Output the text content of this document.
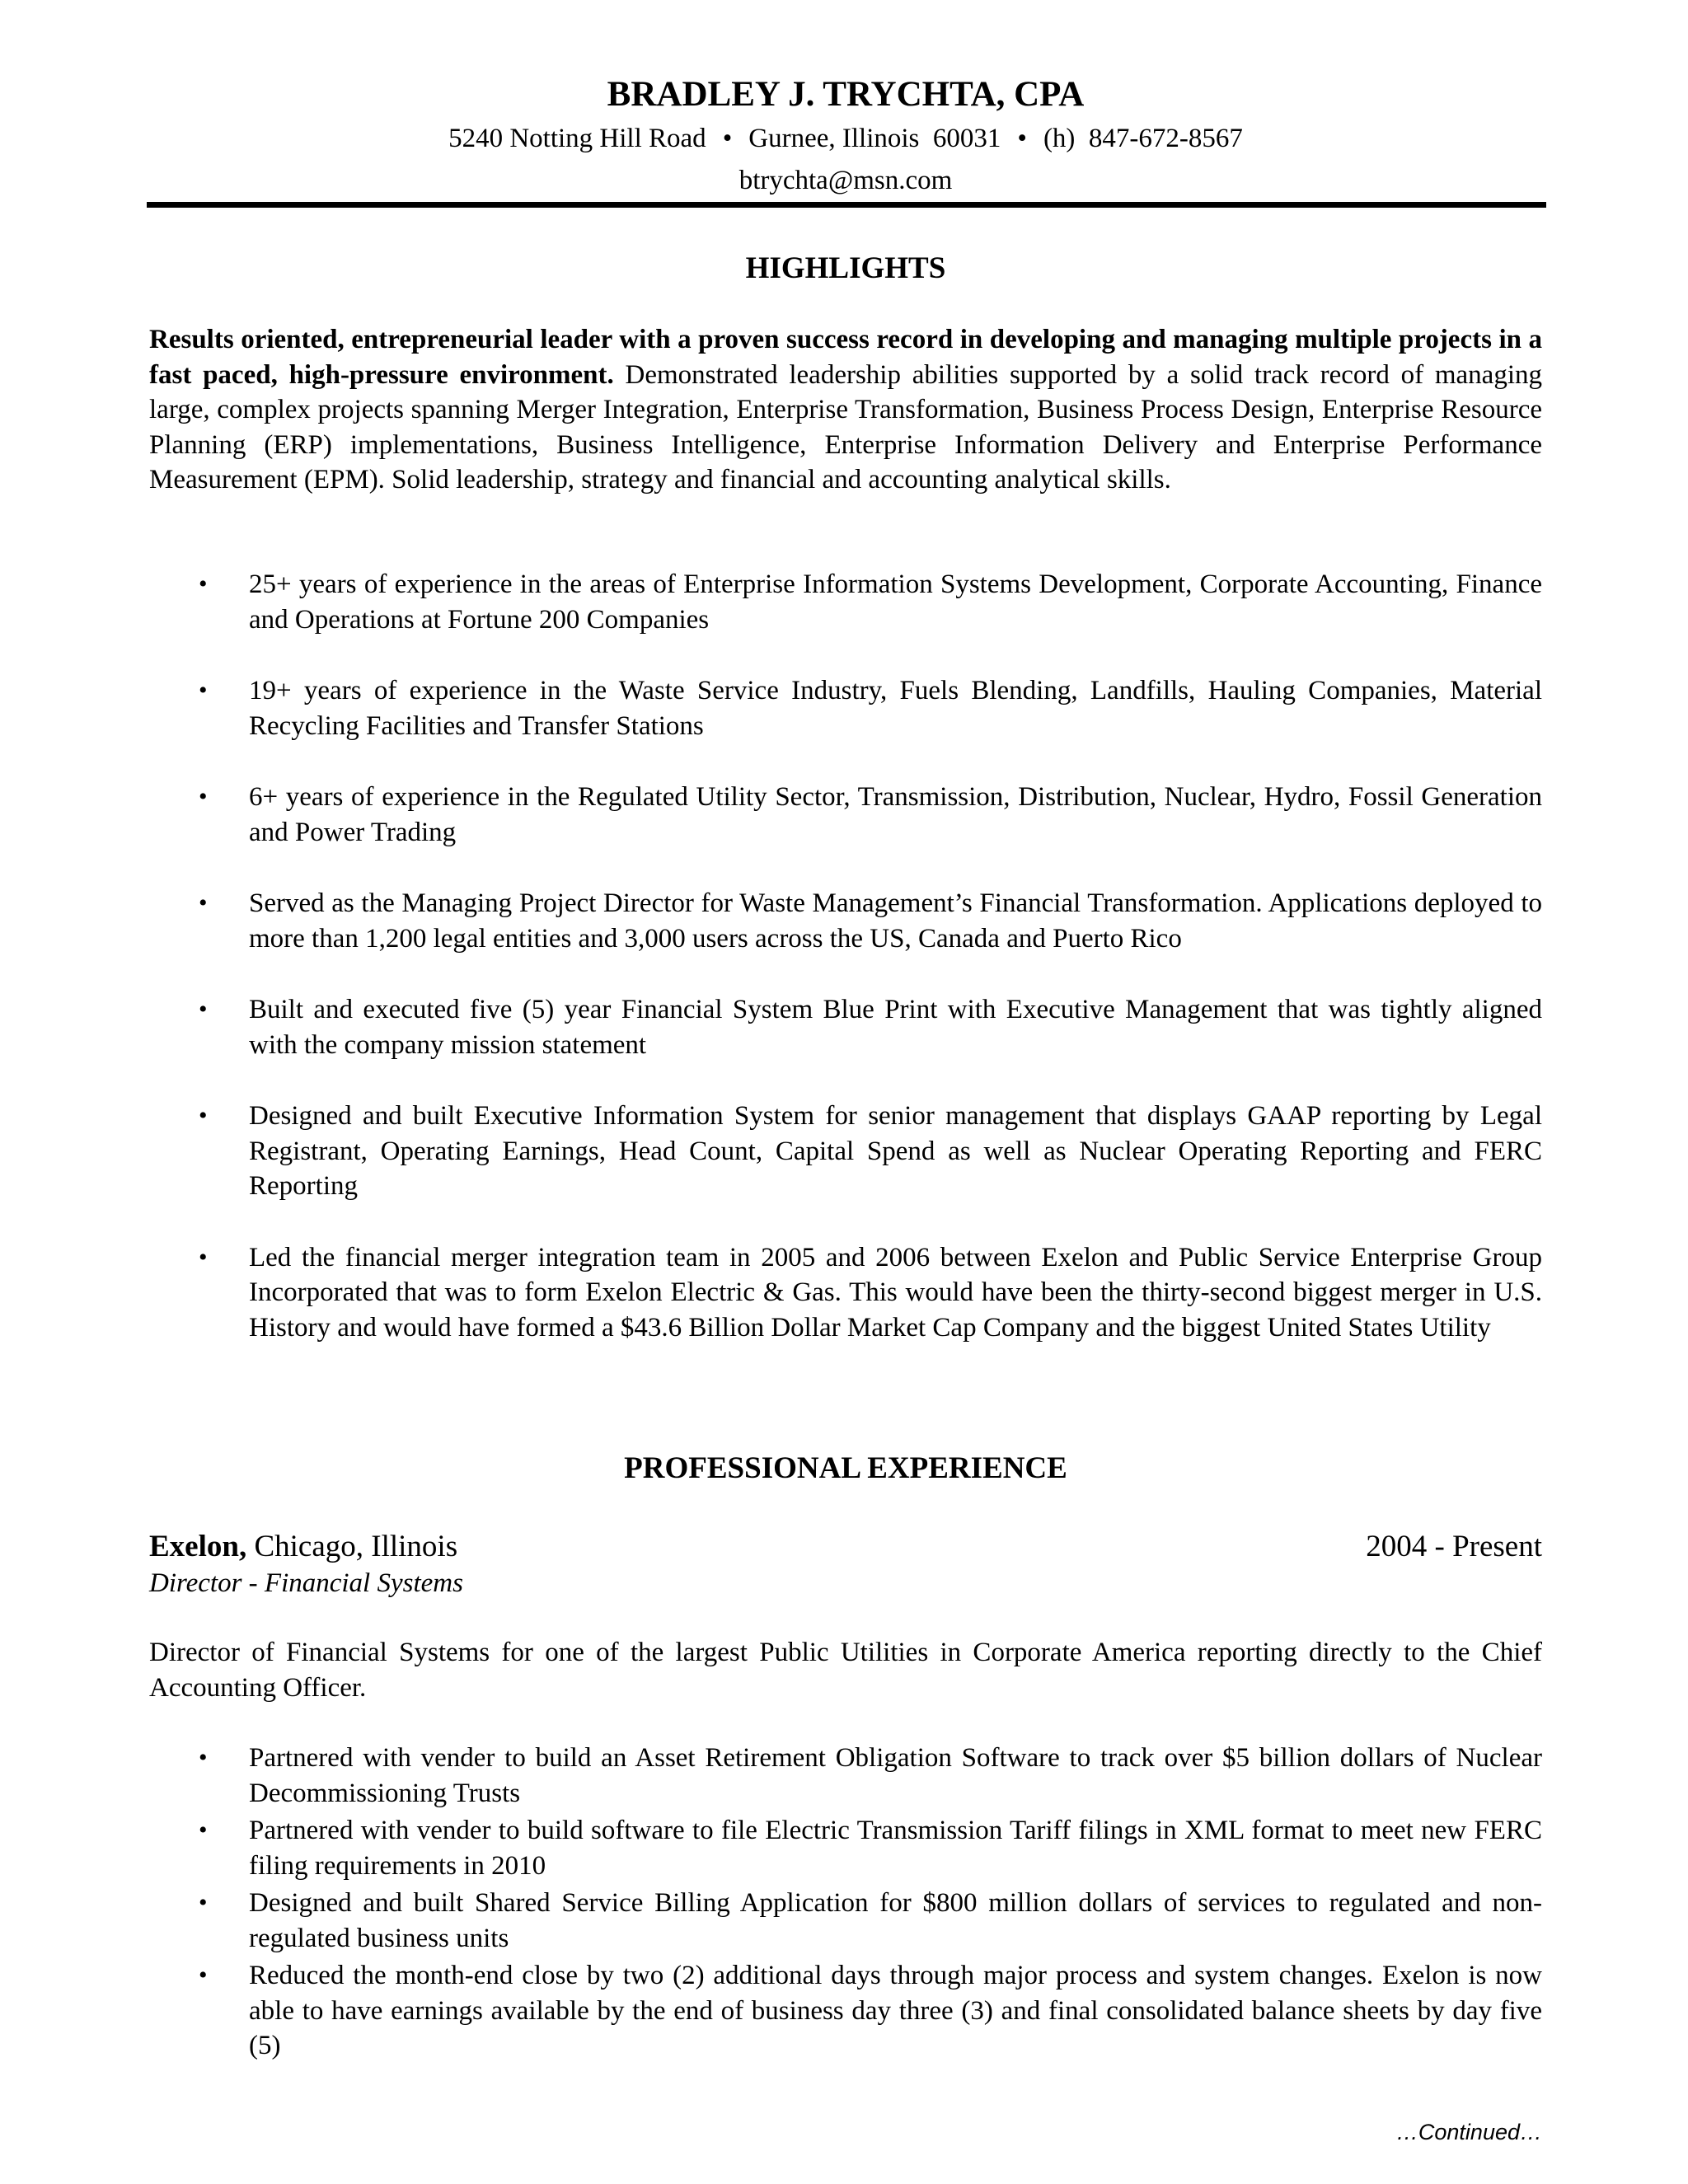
BRADLEY J. TRYCHTA, CPA
5240 Notting Hill Road • Gurnee, Illinois  60031 • (h)  847-672-8567
btrychta@msn.com
HIGHLIGHTS
Results oriented, entrepreneurial leader with a proven success record in developing and managing multiple projects in a fast paced, high-pressure environment. Demonstrated leadership abilities supported by a solid track record of managing large, complex projects spanning Merger Integration, Enterprise Transformation, Business Process Design, Enterprise Resource Planning (ERP) implementations, Business Intelligence, Enterprise Information Delivery and Enterprise Performance Measurement (EPM). Solid leadership, strategy and financial and accounting analytical skills.
• 25+ years of experience in the areas of Enterprise Information Systems Development, Corporate Accounting, Finance and Operations at Fortune 200 Companies
• 19+ years of experience in the Waste Service Industry, Fuels Blending, Landfills, Hauling Companies, Material Recycling Facilities and Transfer Stations
• 6+ years of experience in the Regulated Utility Sector, Transmission, Distribution, Nuclear, Hydro, Fossil Generation and Power Trading
• Served as the Managing Project Director for Waste Management’s Financial Transformation. Applications deployed to more than 1,200 legal entities and 3,000 users across the US, Canada and Puerto Rico
• Built and executed five (5) year Financial System Blue Print with Executive Management that was tightly aligned with the company mission statement
• Designed and built Executive Information System for senior management that displays GAAP reporting by Legal Registrant, Operating Earnings, Head Count, Capital Spend as well as Nuclear Operating Reporting and FERC Reporting
• Led the financial merger integration team in 2005 and 2006 between Exelon and Public Service Enterprise Group Incorporated that was to form Exelon Electric & Gas. This would have been the thirty-second biggest merger in U.S. History and would have formed a $43.6 Billion Dollar Market Cap Company and the biggest United States Utility
PROFESSIONAL EXPERIENCE
Exelon, Chicago, Illinois	2004 - Present
Director - Financial Systems
Director of Financial Systems for one of the largest Public Utilities in Corporate America reporting directly to the Chief Accounting Officer.
• Partnered with vender to build an Asset Retirement Obligation Software to track over $5 billion dollars of Nuclear Decommissioning Trusts
• Partnered with vender to build software to file Electric Transmission Tariff filings in XML format to meet new FERC filing requirements in 2010
• Designed and built Shared Service Billing Application for $800 million dollars of services to regulated and non-regulated business units
• Reduced the month-end close by two (2) additional days through major process and system changes. Exelon is now able to have earnings available by the end of business day three (3) and final consolidated balance sheets by day five (5)
…Continued…
